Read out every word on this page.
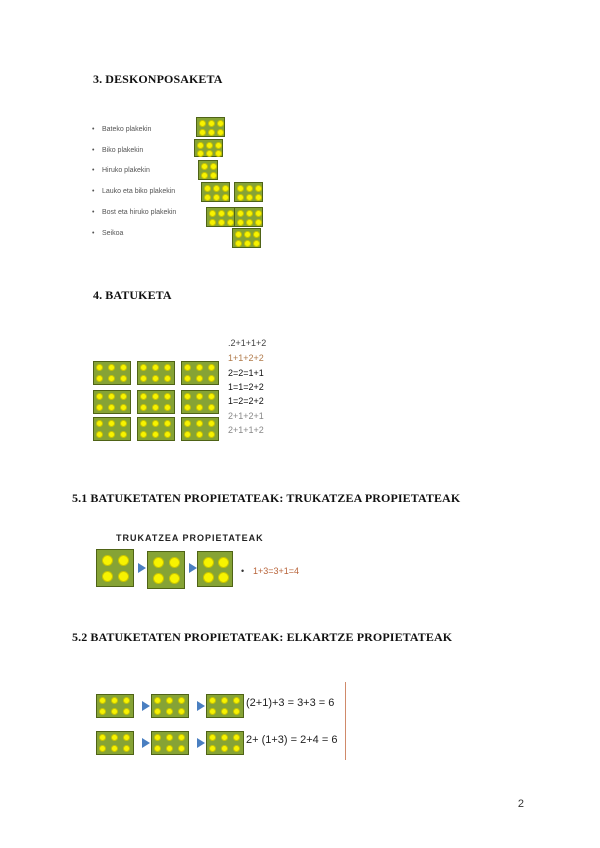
3. DESKONPOSAKETA
4. BATUKETA
5.1 BATUKETATEN PROPIETATEAK: TRUKATZEA PROPIETATEAK
5.2 BATUKETATEN PROPIETATEAK: ELKARTZE PROPIETATEAK
• Bateko plakekin
• Biko plakekin
• Hiruko plakekin
• Lauko eta biko plakekin
• Bost eta hiruko plakekin
• Seikoa
.2+1+1+2
1+1+2+2
2=2=1+1
1=1=2+2
1=2=2+2
2+1+2+1
2+1+1+2
TRUKATZEA PROPIETATEAK
• 1+3=3+1=4
(2+1)+3 = 3+3 = 6
2+ (1+3) = 2+4 = 6
2
